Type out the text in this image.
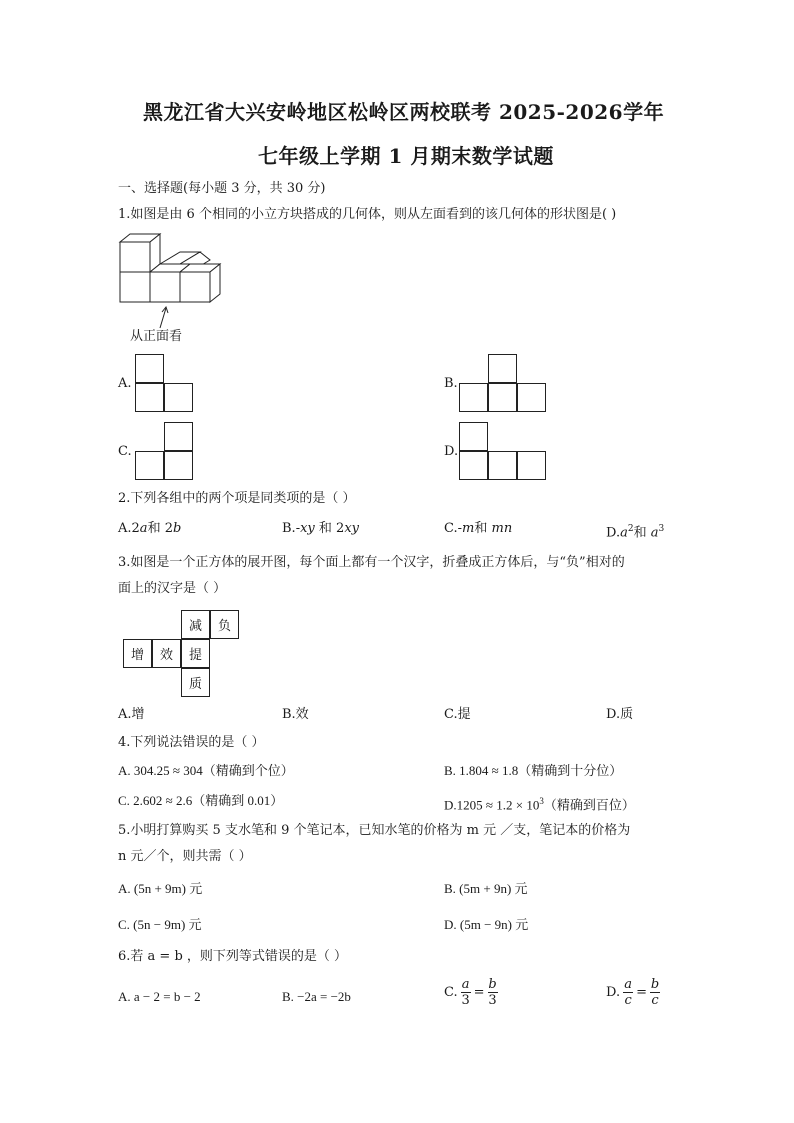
黑龙江省大兴安岭地区松岭区两校联考 2025-2026学年
七年级上学期 1 月期末数学试题
一、选择题(每小题 3 分，共 30 分)
1.如图是由 6 个相同的小立方块搭成的几何体，则从左面看到的该几何体的形状图是( )
从正面看
A.	B.
C.	D.
2.下列各组中的两个项是同类项的是（ ）
A.2a和 2b	B.-xy 和 2xy	C.-m和 mn	$D.a^2$和 $a^3$
3.如图是一个正方体的展开图，每个面上都有一个汉字，折叠成正方体后，与“负”相对的
面上的汉字是（ ）
减	负
增	效	提
质
A.增	B.效	C.提	D.质
4.下列说法错误的是（ ）
A. 304.25 ≈ 304（精确到个位）	B. 1.804 ≈ 1.8（精确到十分位）
C. 2.602 ≈ 2.6（精确到 0.01）	$D.1205 \approx 1.2 \times 10^3$（精确到百位）
5.小明打算购买 5 支水笔和 9 个笔记本，已知水笔的价格为 m 元 ／支，笔记本的价格为
n 元／个，则共需（ ）
A. (5n + 9m) 元	B. (5m + 9n) 元
C. (5n − 9m) 元	D. (5m − 9n) 元
6.若 a = b ，则下列等式错误的是（ ）
A. a − 2 = b − 2	B. −2a = −2b	C. $\frac{a}{3} = \frac{b}{3}$	D. $\frac{a}{c} = \frac{b}{c}$
